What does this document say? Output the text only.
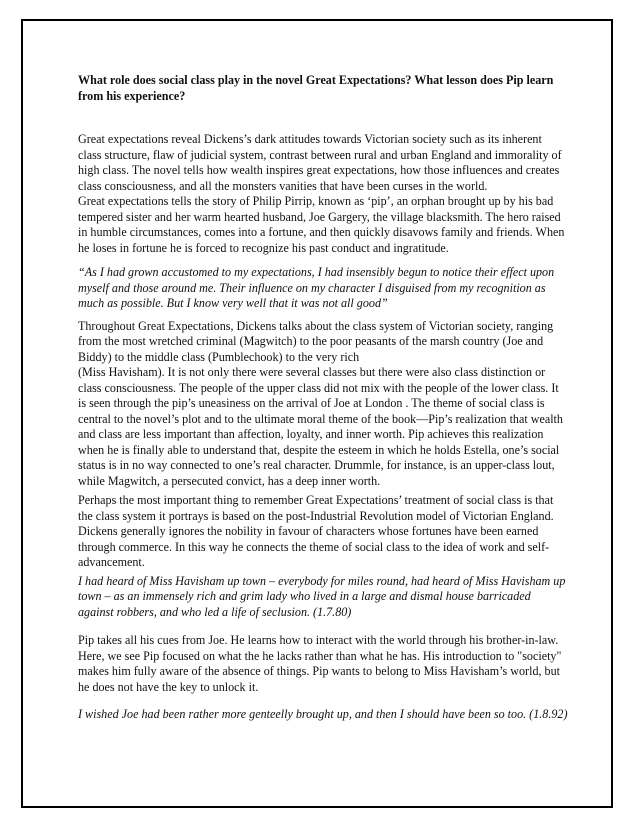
What role does social class play in the novel Great Expectations? What lesson does Pip learn from his experience?

Great expectations reveal Dickens’s dark attitudes towards Victorian society such as its inherent class structure, flaw of judicial system, contrast between rural and urban England and immorality of high class. The novel tells how wealth inspires great expectations, how those influences and creates class consciousness, and all the monsters vanities that have been curses in the world.

Great expectations tells the story of Philip Pirrip, known as ‘pip’, an orphan brought up by his bad tempered sister and her warm hearted husband, Joe Gargery, the village blacksmith. The hero raised in humble circumstances, comes into a fortune, and then quickly disavows family and friends. When he loses in fortune he is forced to recognize his past conduct and ingratitude.

“As I had grown accustomed to my expectations, I had insensibly begun to notice their effect upon myself and those around me. Their influence on my character I disguised from my recognition as much as possible. But I know very well that it was not all good”

Throughout Great Expectations, Dickens talks about the class system of Victorian society, ranging from the most wretched criminal (Magwitch) to the poor peasants of the marsh country (Joe and Biddy) to the middle class (Pumblechook) to the very rich

(Miss Havisham). It is not only there were several classes but there were also class distinction or class consciousness. The people of the upper class did not mix with the people of the lower class. It is seen through the pip’s uneasiness on the arrival of Joe at London . The theme of social class is central to the novel’s plot and to the ultimate moral theme of the book—Pip’s realization that wealth and class are less important than affection, loyalty, and inner worth. Pip achieves this realization when he is finally able to understand that, despite the esteem in which he holds Estella, one’s social status is in no way connected to one’s real character. Drummle, for instance, is an upper-class lout, while Magwitch, a persecuted convict, has a deep inner worth.

Perhaps the most important thing to remember Great Expectations’ treatment of social class is that the class system it portrays is based on the post-Industrial Revolution model of Victorian England. Dickens generally ignores the nobility in favour of characters whose fortunes have been earned through commerce. In this way he connects the theme of social class to the idea of work and self-advancement.

I had heard of Miss Havisham up town – everybody for miles round, had heard of Miss Havisham up town – as an immensely rich and grim lady who lived in a large and dismal house barricaded against robbers, and who led a life of seclusion. (1.7.80)

Pip takes all his cues from Joe. He learns how to interact with the world through his brother-in-law. Here, we see Pip focused on what the he lacks rather than what he has. His introduction to "society" makes him fully aware of the absence of things. Pip wants to belong to Miss Havisham’s world, but he does not have the key to unlock it.

I wished Joe had been rather more genteelly brought up, and then I should have been so too. (1.8.92)
